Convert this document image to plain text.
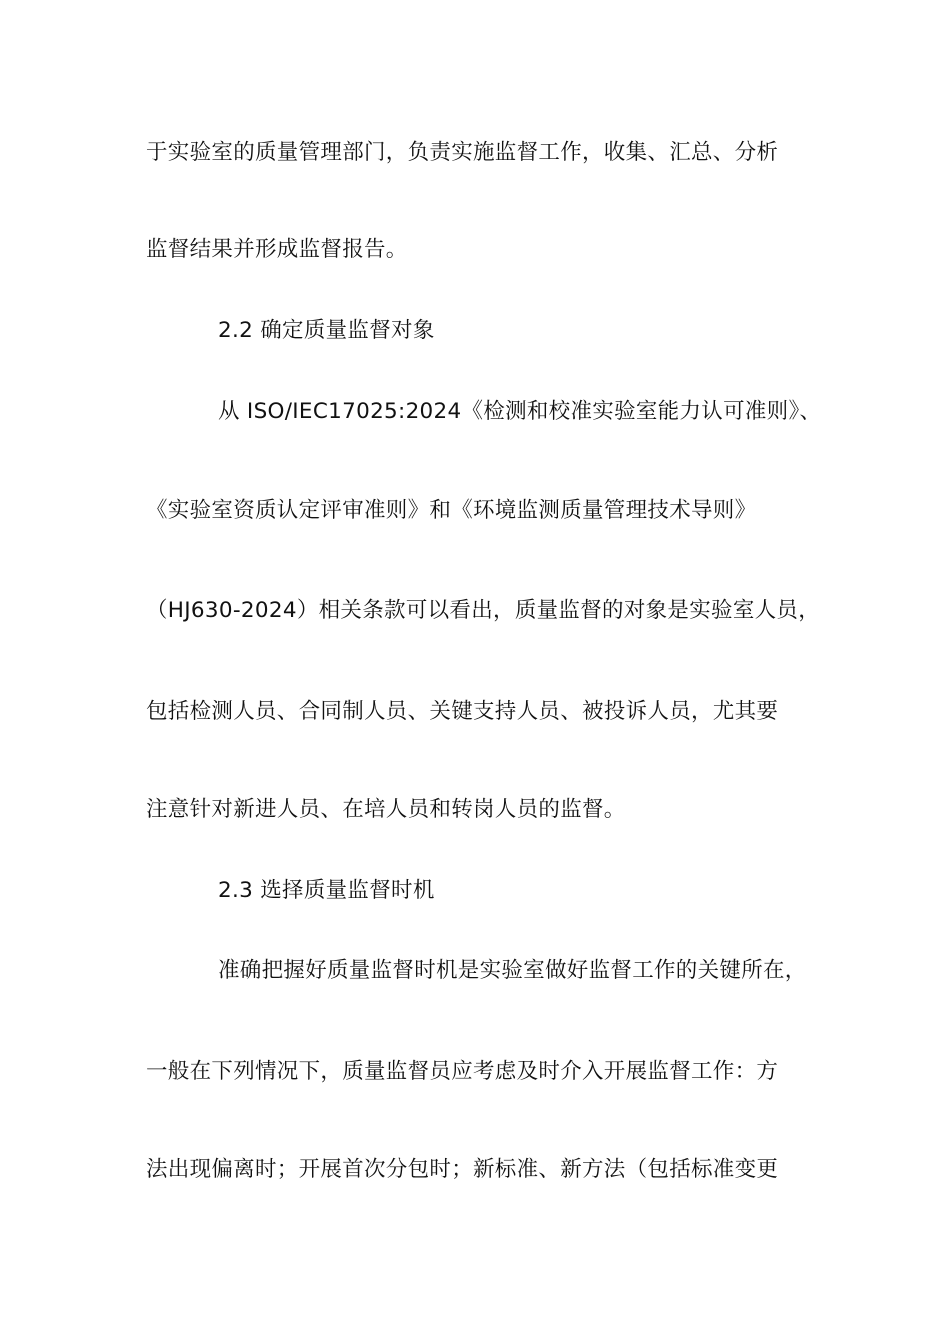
于实验室的质量管理部门，负责实施监督工作，收集、汇总、分析
监督结果并形成监督报告。
2.2 确定质量监督对象
从 ISO/IEC17025:2024《检测和校准实验室能力认可准则》、
《实验室资质认定评审准则》和《环境监测质量管理技术导则》
（HJ630-2024）相关条款可以看出，质量监督的对象是实验室人员，
包括检测人员、合同制人员、关键支持人员、被投诉人员，尤其要
注意针对新进人员、在培人员和转岗人员的监督。
2.3 选择质量监督时机
准确把握好质量监督时机是实验室做好监督工作的关键所在，
一般在下列情况下，质量监督员应考虑及时介入开展监督工作：方
法出现偏离时；开展首次分包时；新标准、新方法（包括标准变更
